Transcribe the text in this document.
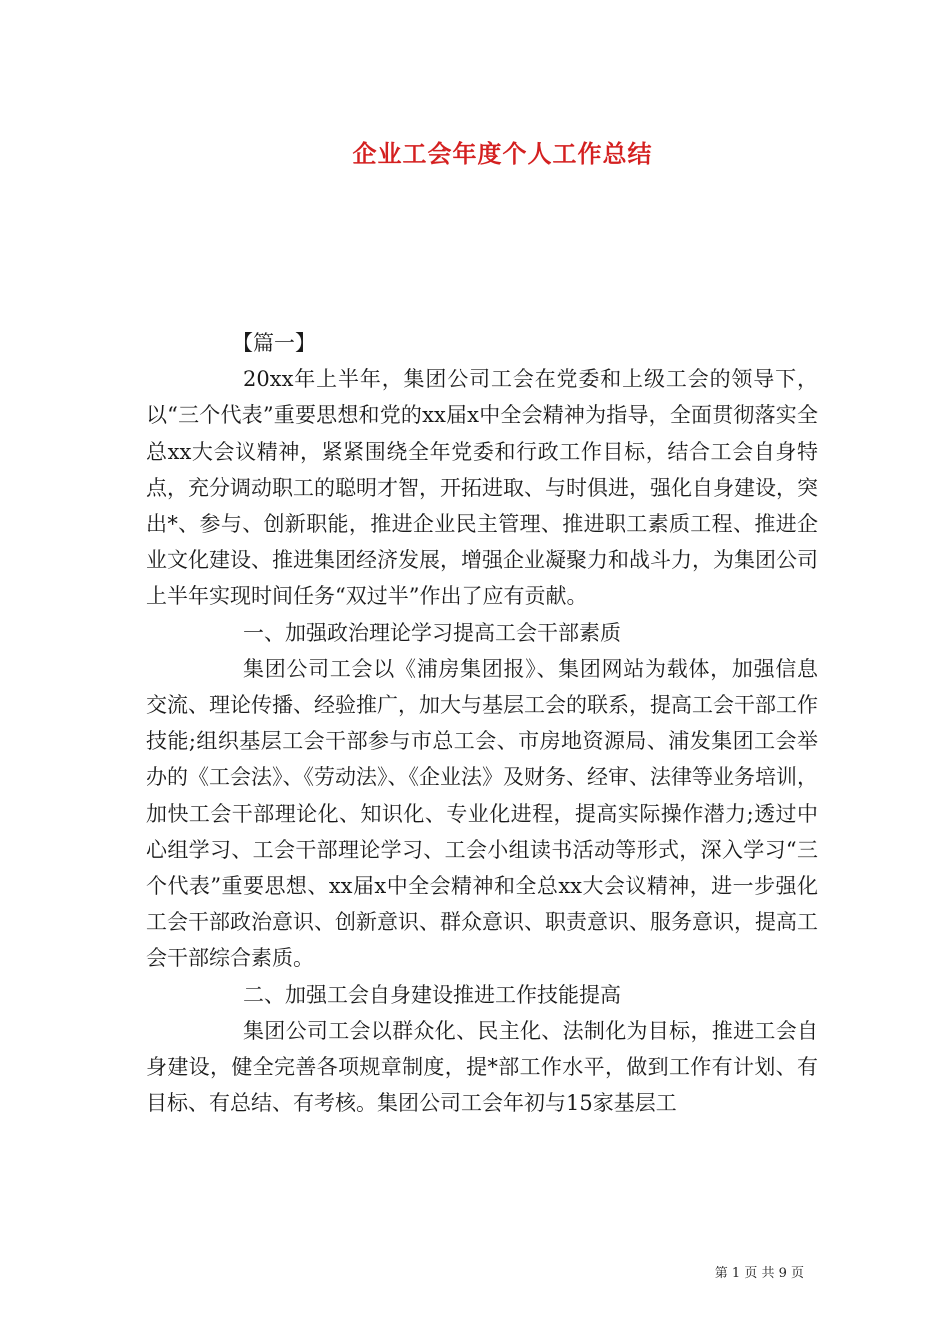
企业工会年度个人工作总结
【篇一】

20xx年上半年，集团公司工会在党委和上级工会的领导下，以“三个代表”重要思想和党的xx届x中全会精神为指导，全面贯彻落实全总xx大会议精神，紧紧围绕全年党委和行政工作目标，结合工会自身特点，充分调动职工的聪明才智，开拓进取、与时俱进，强化自身建设，突出*、参与、创新职能，推进企业民主管理、推进职工素质工程、推进企业文化建设、推进集团经济发展，增强企业凝聚力和战斗力，为集团公司上半年实现时间任务“双过半”作出了应有贡献。

一、加强政治理论学习提高工会干部素质

集团公司工会以《浦房集团报》、集团网站为载体，加强信息交流、理论传播、经验推广，加大与基层工会的联系，提高工会干部工作技能;组织基层工会干部参与市总工会、市房地资源局、浦发集团工会举办的《工会法》、《劳动法》、《企业法》及财务、经审、法律等业务培训，加快工会干部理论化、知识化、专业化进程，提高实际操作潜力;透过中心组学习、工会干部理论学习、工会小组读书活动等形式，深入学习“三个代表”重要思想、xx届x中全会精神和全总xx大会议精神，进一步强化工会干部政治意识、创新意识、群众意识、职责意识、服务意识，提高工会干部综合素质。

二、加强工会自身建设推进工作技能提高

集团公司工会以群众化、民主化、法制化为目标，推进工会自身建设，健全完善各项规章制度，提*部工作水平，做到工作有计划、有目标、有总结、有考核。集团公司工会年初与15家基层工

第 1 页 共 9 页
